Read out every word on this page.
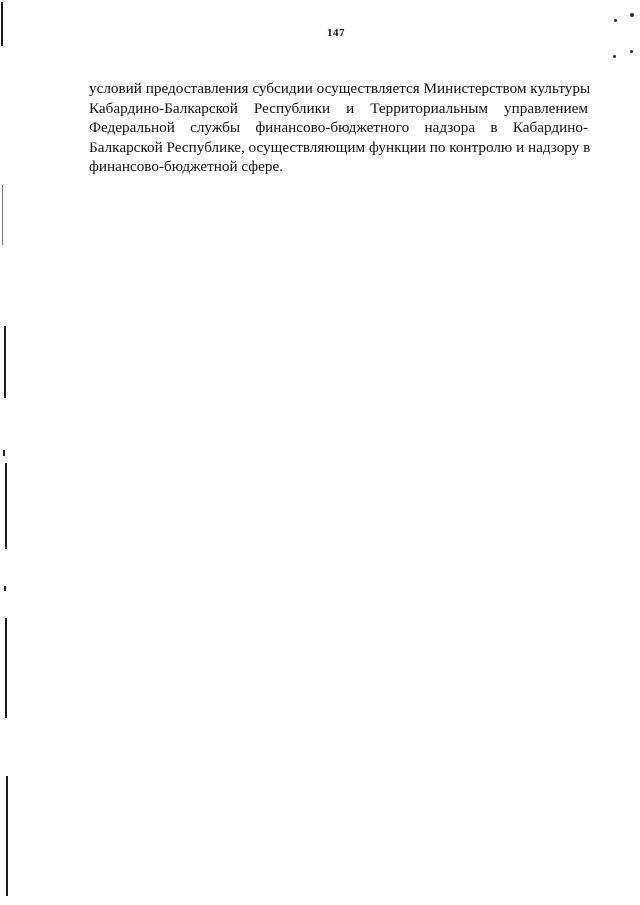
147
условий предоставления субсидии осуществляется Министерством культуры
Кабардино-Балкарской Республики и Территориальным управлением
Федеральной службы финансово-бюджетного надзора в Кабардино-
Балкарской Республике, осуществляющим функции по контролю и надзору в
финансово-бюджетной сфере.
